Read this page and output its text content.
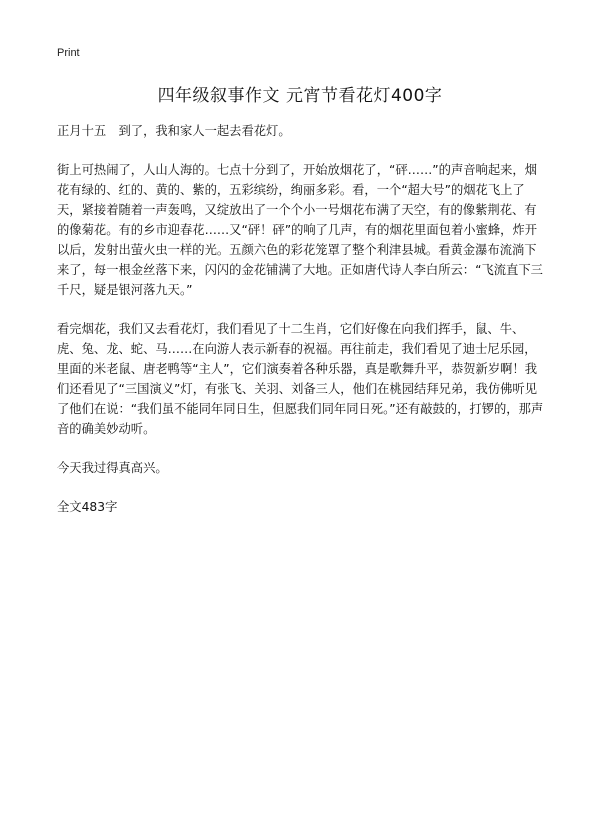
Print
四年级叙事作文 元宵节看花灯400字

正月十五　到了，我和家人一起去看花灯。

街上可热闹了，人山人海的。七点十分到了，开始放烟花了，“砰……”的声音响起来，烟花有绿的、红的、黄的、紫的，五彩缤纷，绚丽多彩。看，一个“超大号”的烟花飞上了天，紧接着随着一声轰鸣，又绽放出了一个个小一号烟花布满了天空，有的像紫荆花、有的像菊花。有的乡市迎春花……又“砰！砰”的响了几声，有的烟花里面包着小蜜蜂，炸开以后，发射出萤火虫一样的光。五颜六色的彩花笼罩了整个利津县城。看黄金瀑布流淌下来了，每一根金丝落下来，闪闪的金花铺满了大地。正如唐代诗人李白所云：“飞流直下三千尺，疑是银河落九天。”

看完烟花，我们又去看花灯，我们看见了十二生肖，它们好像在向我们挥手，鼠、牛、虎、兔、龙、蛇、马……在向游人表示新春的祝福。再往前走，我们看见了迪士尼乐园，里面的米老鼠、唐老鸭等“主人”，它们演奏着各种乐器，真是歌舞升平，恭贺新岁啊！我们还看见了“三国演义”灯，有张飞、关羽、刘备三人，他们在桃园结拜兄弟，我仿佛听见了他们在说：“我们虽不能同年同日生，但愿我们同年同日死。”还有敲鼓的，打锣的，那声音的确美妙动听。

今天我过得真高兴。

全文483字
